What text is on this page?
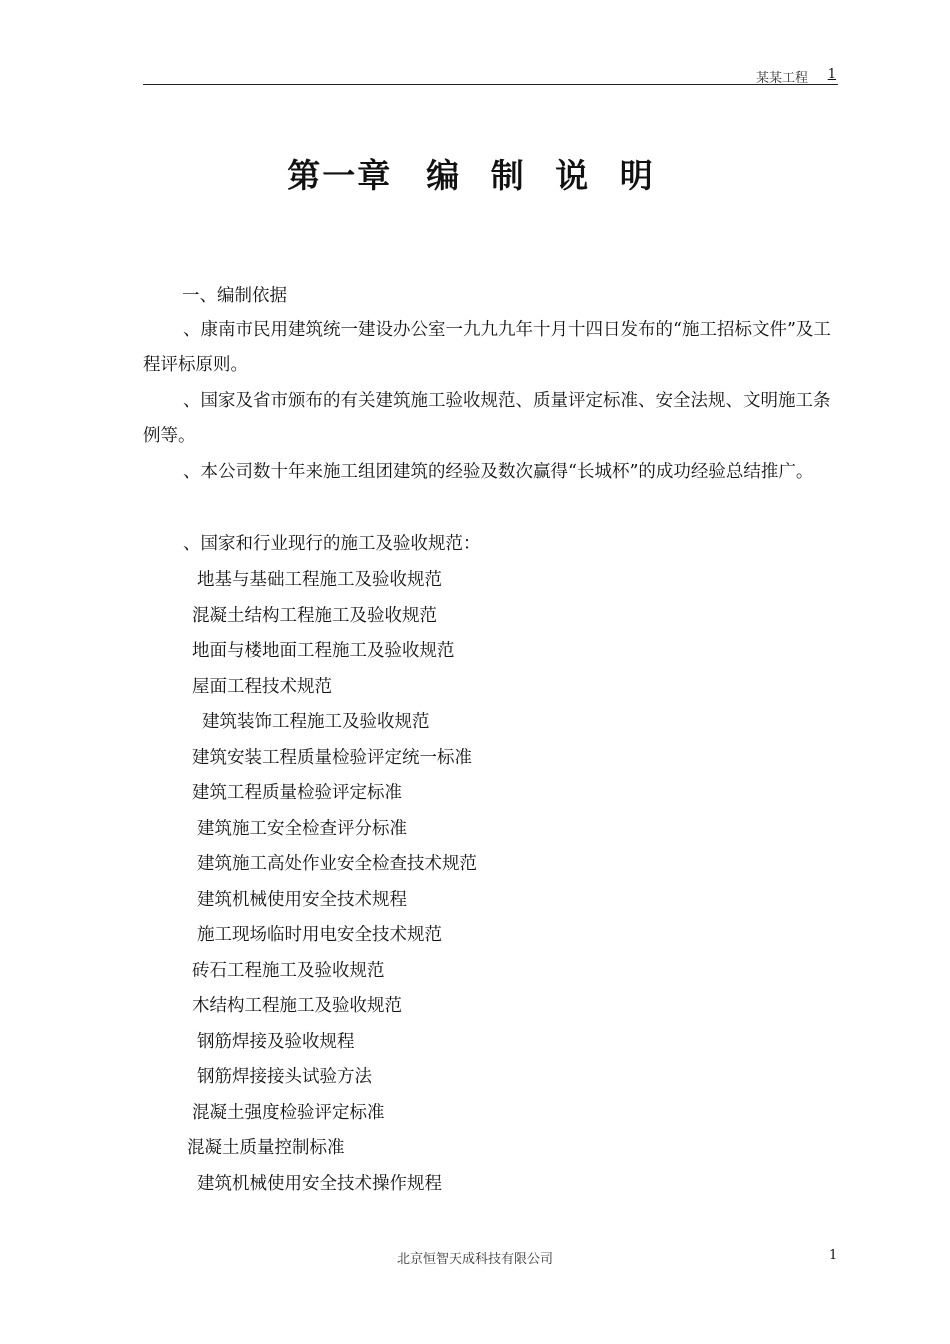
某某工程 1
第一章 编 制 说 明
一、编制依据
、康南市民用建筑统一建设办公室一九九九年十月十四日发布的“施工招标文件”及工程评标原则。
、国家及省市颁布的有关建筑施工验收规范、质量评定标准、安全法规、文明施工条例等。
、本公司数十年来施工组团建筑的经验及数次赢得“长城杯”的成功经验总结推广。
、国家和行业现行的施工及验收规范：
地基与基础工程施工及验收规范
混凝土结构工程施工及验收规范
地面与楼地面工程施工及验收规范
屋面工程技术规范
建筑装饰工程施工及验收规范
建筑安装工程质量检验评定统一标准
建筑工程质量检验评定标准
建筑施工安全检查评分标准
建筑施工高处作业安全检查技术规范
建筑机械使用安全技术规程
施工现场临时用电安全技术规范
砖石工程施工及验收规范
木结构工程施工及验收规范
钢筋焊接及验收规程
钢筋焊接接头试验方法
混凝土强度检验评定标准
混凝土质量控制标准
建筑机械使用安全技术操作规程
北京恒智天成科技有限公司	1
